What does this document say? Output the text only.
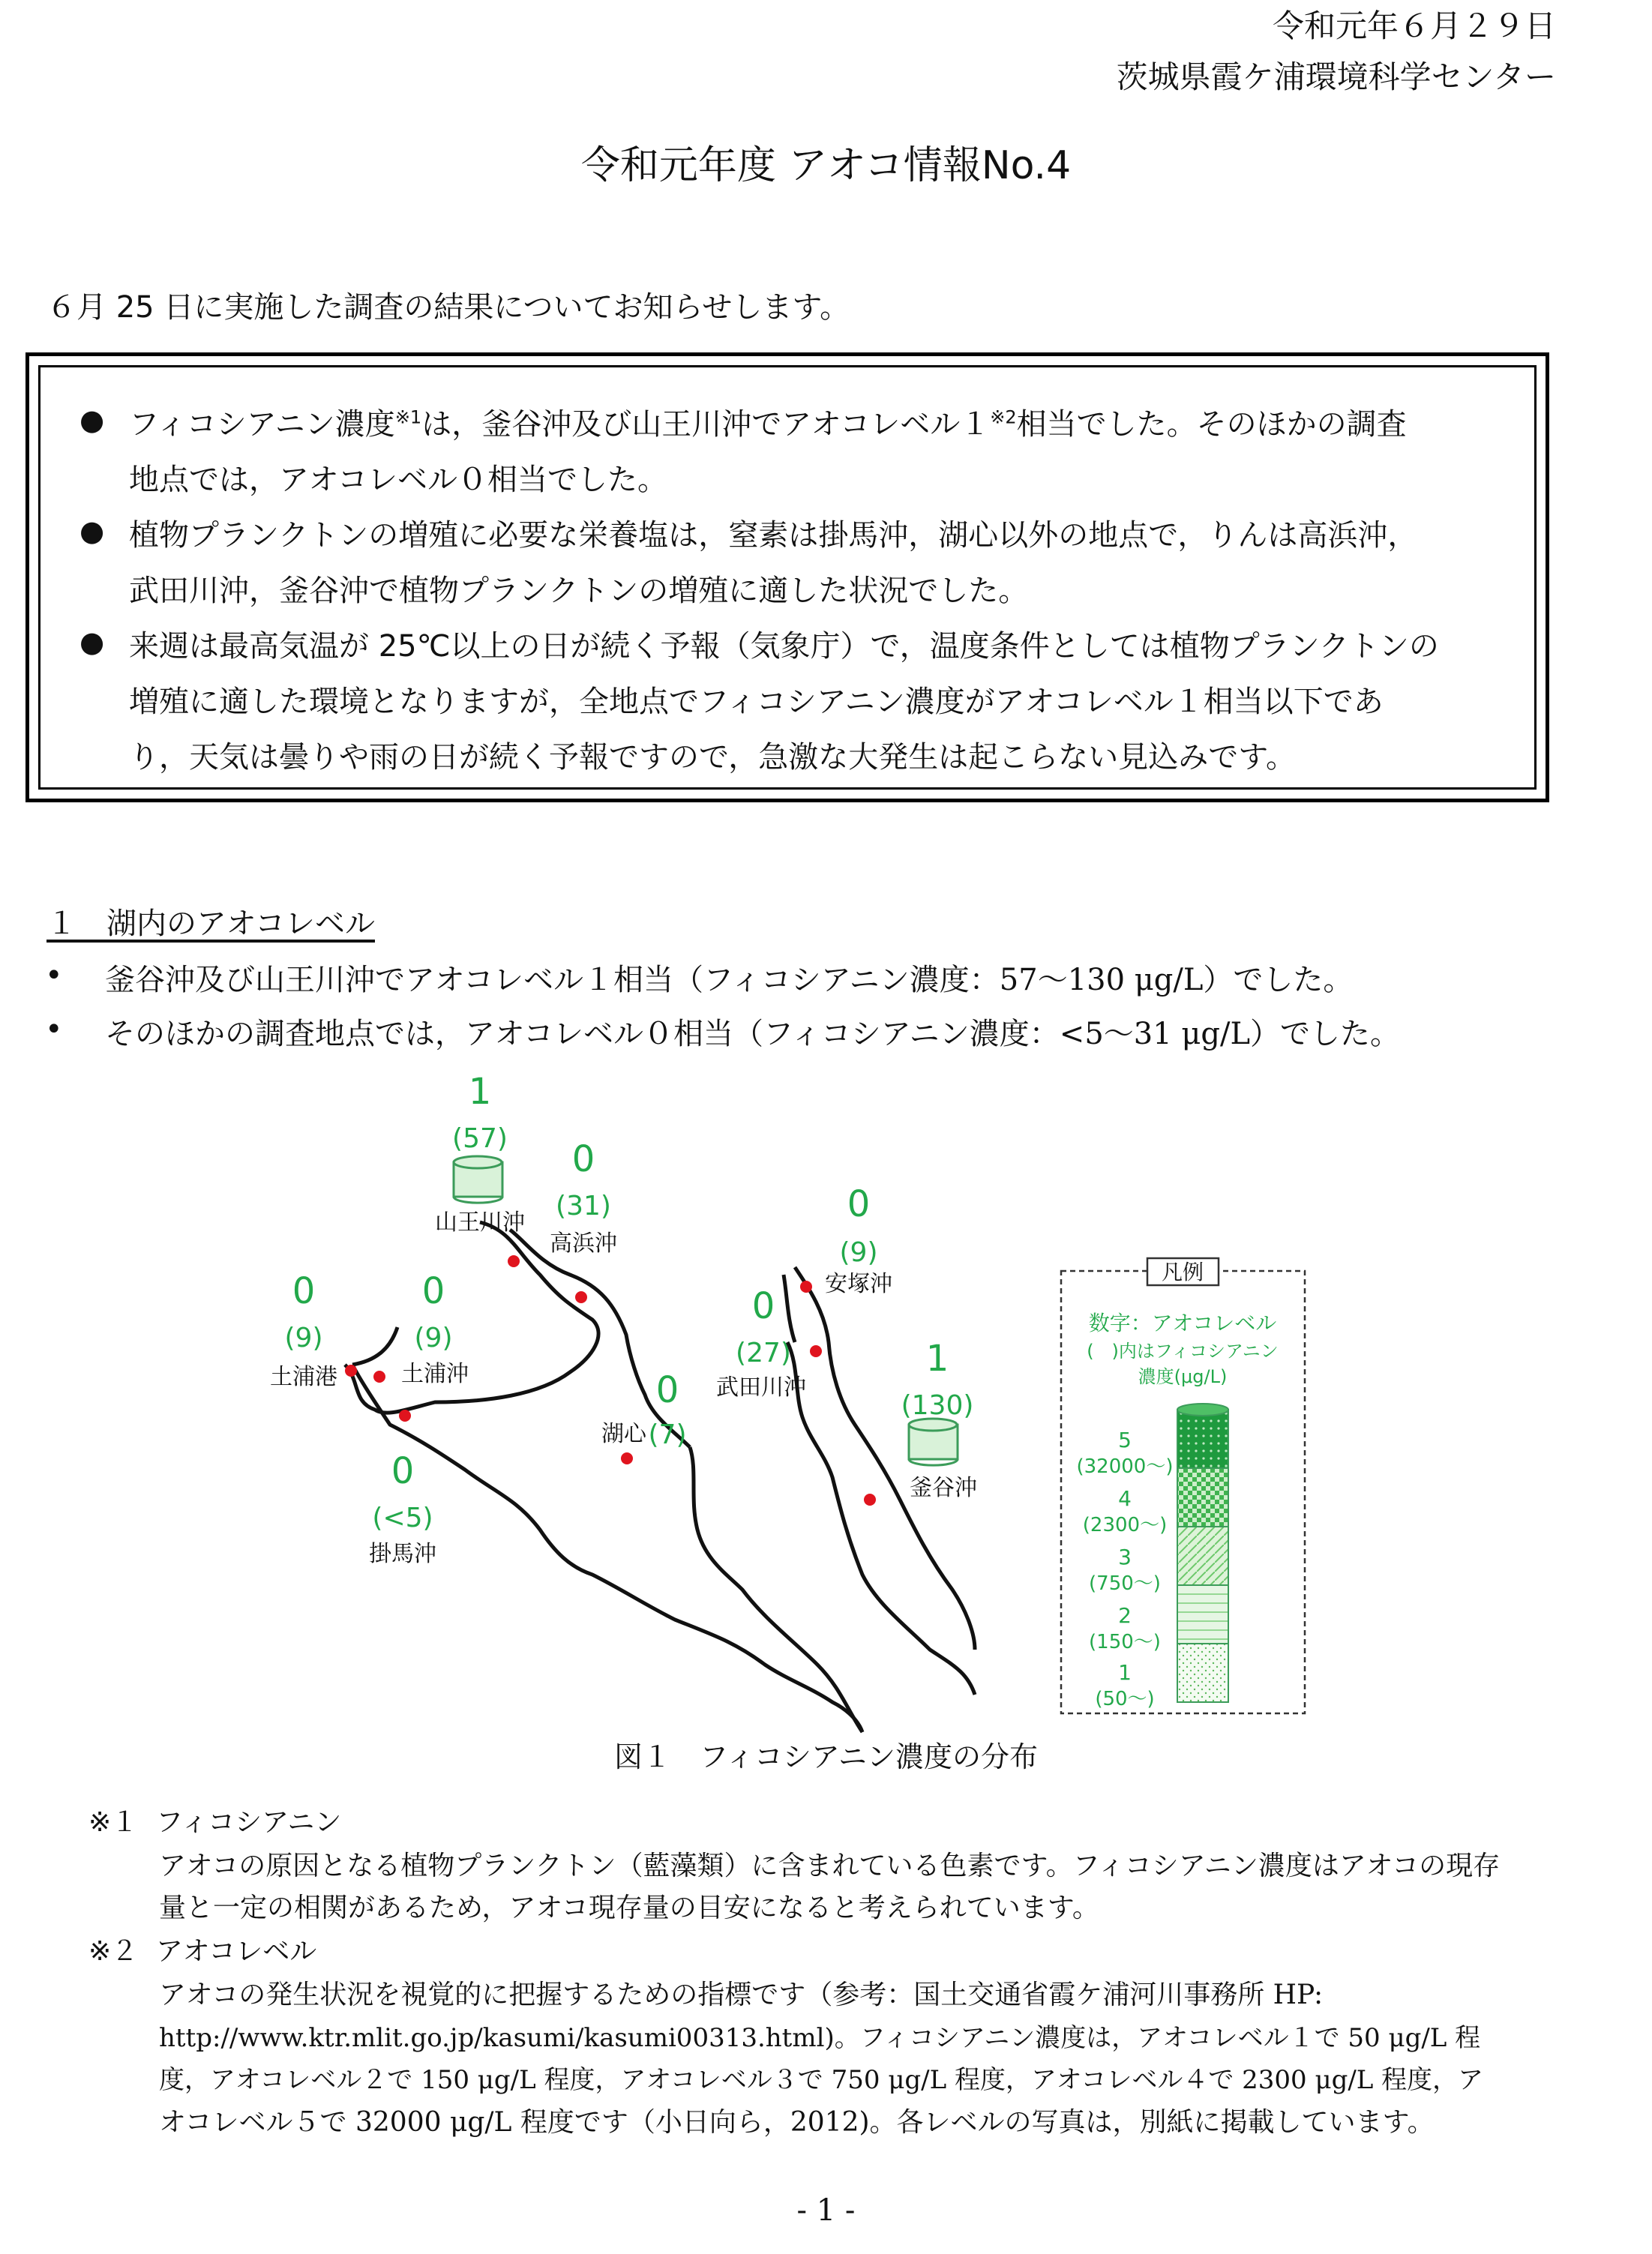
令和元年６月２９日
茨城県霞ケ浦環境科学センター
令和元年度 アオコ情報No.4
６月 25 日に実施した調査の結果についてお知らせします。
● フィコシアニン濃度$^{※1}$は，釜谷沖及び山王川沖でアオコレベル１$^{※2}$相当でした。そのほかの調査
地点では，アオコレベル０相当でした。
● 植物プランクトンの増殖に必要な栄養塩は，窒素は掛馬沖，湖心以外の地点で，りんは高浜沖，
武田川沖，釜谷沖で植物プランクトンの増殖に適した状況でした。
● 来週は最高気温が 25℃以上の日が続く予報（気象庁）で，温度条件としては植物プランクトンの
増殖に適した環境となりますが，全地点でフィコシアニン濃度がアオコレベル１相当以下であ
り，天気は曇りや雨の日が続く予報ですので，急激な大発生は起こらない見込みです。
１　湖内のアオコレベル
• 釜谷沖及び山王川沖でアオコレベル１相当（フィコシアニン濃度：57～130 μg/L）でした。
• そのほかの調査地点では，アオコレベル０相当（フィコシアニン濃度：<5～31 μg/L）でした。
1
(57)
山王川沖
0
(31)
高浜沖
0
(9)
安塚沖
0
(9)
土浦港
0
(9)
土浦沖
0
(27)
武田川沖
0
(7)
湖心
1
(130)
釜谷沖
0
(<5)
掛馬沖
凡例
数字：アオコレベル
(　)内はフィコシアニン
濃度(μg/L)
5
(32000～)
4
(2300～)
3
(750～)
2
(150～)
1
(50～)
図１　フィコシアニン濃度の分布
※１ フィコシアニン
アオコの原因となる植物プランクトン（藍藻類）に含まれている色素です。フィコシアニン濃度はアオコの現存
量と一定の相関があるため，アオコ現存量の目安になると考えられています。
※２ アオコレベル
アオコの発生状況を視覚的に把握するための指標です（参考：国土交通省霞ケ浦河川事務所 HP:
http://www.ktr.mlit.go.jp/kasumi/kasumi00313.html)。フィコシアニン濃度は，アオコレベル１で 50 μg/L 程
度，アオコレベル２で 150 μg/L 程度，アオコレベル３で 750 μg/L 程度，アオコレベル４で 2300 μg/L 程度，ア
オコレベル５で 32000 μg/L 程度です（小日向ら，2012)。各レベルの写真は，別紙に掲載しています。
- 1 -
